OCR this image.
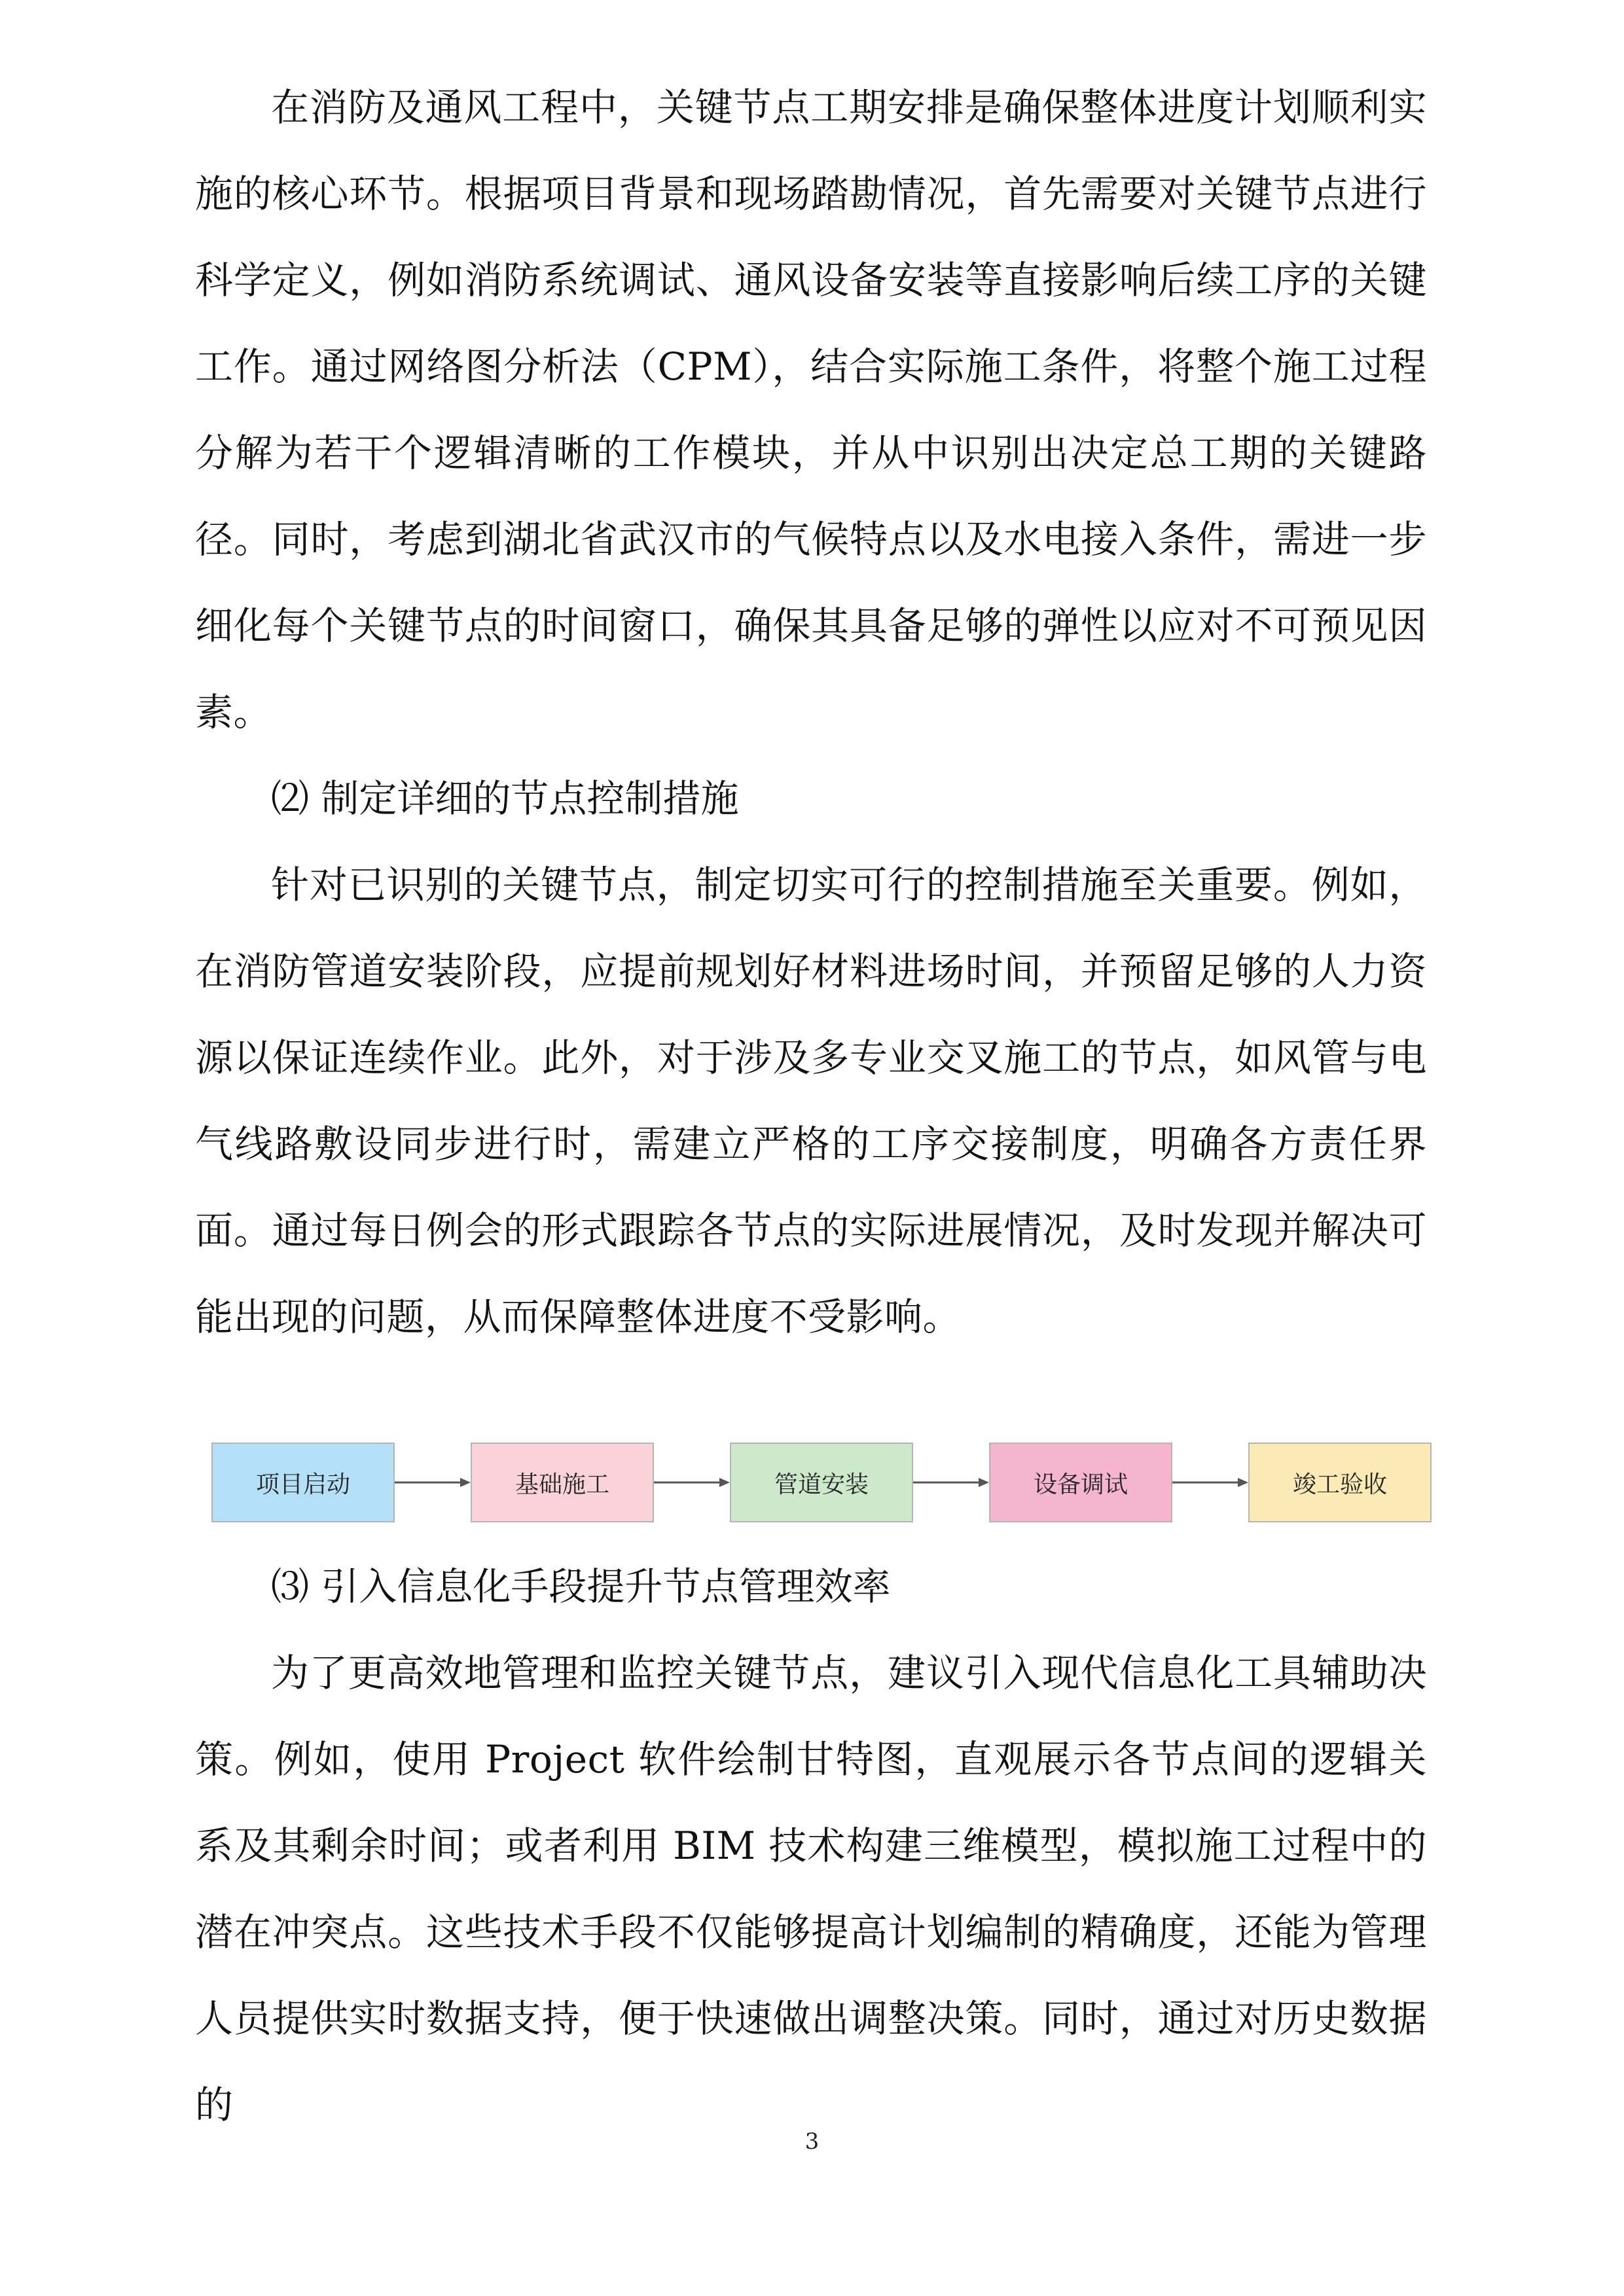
在消防及通风工程中，关键节点工期安排是确保整体进度计划顺利实施的核心环节。根据项目背景和现场踏勘情况，首先需要对关键节点进行科学定义，例如消防系统调试、通风设备安装等直接影响后续工序的关键工作。通过网络图分析法（CPM），结合实际施工条件，将整个施工过程分解为若干个逻辑清晰的工作模块，并从中识别出决定总工期的关键路径。同时，考虑到湖北省武汉市的气候特点以及水电接入条件，需进一步细化每个关键节点的时间窗口，确保其具备足够的弹性以应对不可预见因素。

⑵ 制定详细的节点控制措施

针对已识别的关键节点，制定切实可行的控制措施至关重要。例如，在消防管道安装阶段，应提前规划好材料进场时间，并预留足够的人力资源以保证连续作业。此外，对于涉及多专业交叉施工的节点，如风管与电气线路敷设同步进行时，需建立严格的工序交接制度，明确各方责任界面。通过每日例会的形式跟踪各节点的实际进展情况，及时发现并解决可能出现的问题，从而保障整体进度不受影响。

项目启动	基础施工	管道安装	设备调试	竣工验收

⑶ 引入信息化手段提升节点管理效率

为了更高效地管理和监控关键节点，建议引入现代信息化工具辅助决策。例如，使用 Project 软件绘制甘特图，直观展示各节点间的逻辑关系及其剩余时间；或者利用 BIM 技术构建三维模型，模拟施工过程中的潜在冲突点。这些技术手段不仅能够提高计划编制的精确度，还能为管理人员提供实时数据支持，便于快速做出调整决策。同时，通过对历史数据的

3
